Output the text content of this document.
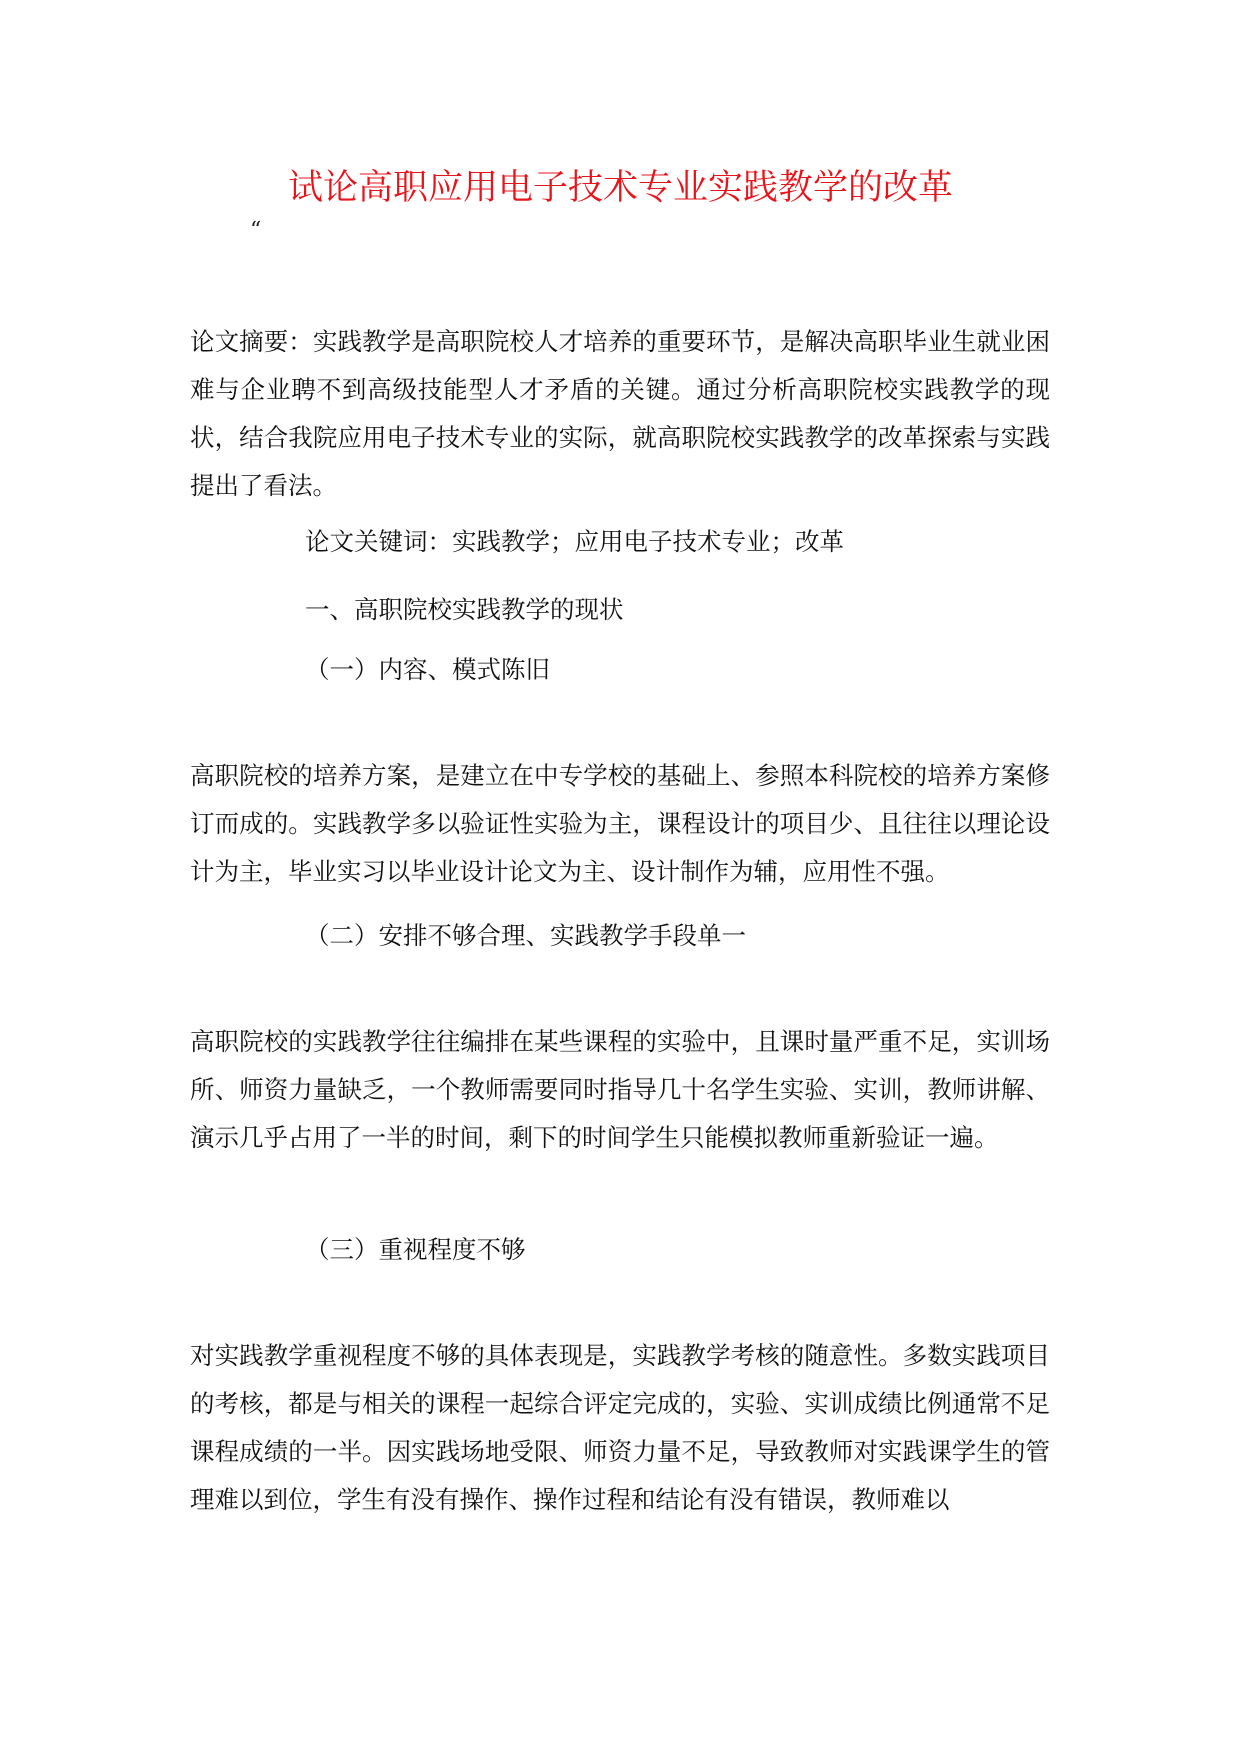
试论高职应用电子技术专业实践教学的改革
“

论文摘要：实践教学是高职院校人才培养的重要环节，是解决高职毕业生就业困难与企业聘不到高级技能型人才矛盾的关键。通过分析高职院校实践教学的现状，结合我院应用电子技术专业的实际，就高职院校实践教学的改革探索与实践提出了看法。

论文关键词：实践教学；应用电子技术专业；改革

一、高职院校实践教学的现状

（一）内容、模式陈旧

高职院校的培养方案，是建立在中专学校的基础上、参照本科院校的培养方案修订而成的。实践教学多以验证性实验为主，课程设计的项目少、且往往以理论设计为主，毕业实习以毕业设计论文为主、设计制作为辅，应用性不强。

（二）安排不够合理、实践教学手段单一

高职院校的实践教学往往编排在某些课程的实验中，且课时量严重不足，实训场所、师资力量缺乏，一个教师需要同时指导几十名学生实验、实训，教师讲解、演示几乎占用了一半的时间，剩下的时间学生只能模拟教师重新验证一遍。

（三）重视程度不够

对实践教学重视程度不够的具体表现是，实践教学考核的随意性。多数实践项目的考核，都是与相关的课程一起综合评定完成的，实验、实训成绩比例通常不足课程成绩的一半。因实践场地受限、师资力量不足，导致教师对实践课学生的管理难以到位，学生有没有操作、操作过程和结论有没有错误，教师难以
